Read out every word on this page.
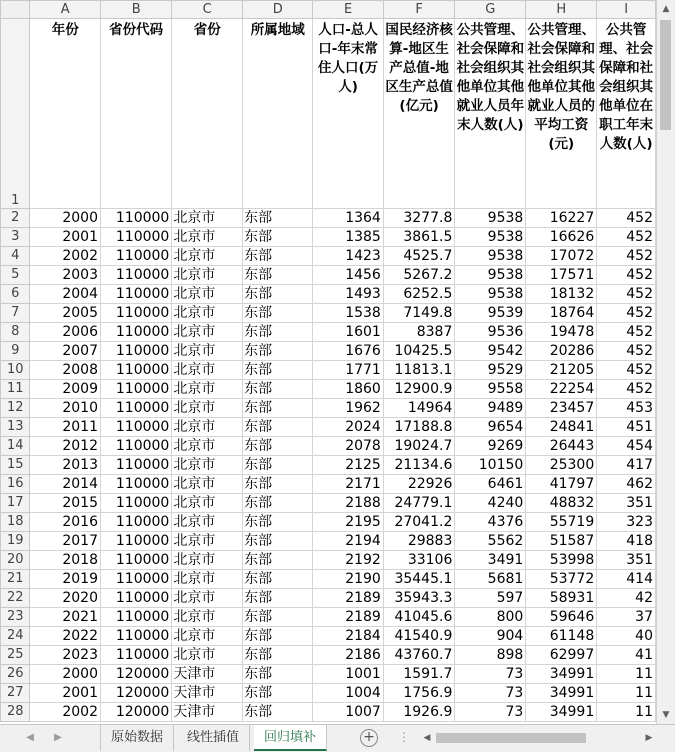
	A	B	C	D	E	F	G	H	I
1	年份	省份代码	省份	所属地域	人口-总人口-年末常住人口(万人)	国民经济核算-地区生产总值-地区生产总值(亿元)	公共管理、社会保障和社会组织其他单位其他就业人员年末人数(人)	公共管理、社会保障和社会组织其他单位其他就业人员的平均工资(元)	公共管理、社会保障和社会组织其他单位在职工年末人数(人)
2	2000	110000	北京市	东部	1364	3277.8	9538	16227	452
3	2001	110000	北京市	东部	1385	3861.5	9538	16626	452
4	2002	110000	北京市	东部	1423	4525.7	9538	17072	452
5	2003	110000	北京市	东部	1456	5267.2	9538	17571	452
6	2004	110000	北京市	东部	1493	6252.5	9538	18132	452
7	2005	110000	北京市	东部	1538	7149.8	9539	18764	452
8	2006	110000	北京市	东部	1601	8387	9536	19478	452
9	2007	110000	北京市	东部	1676	10425.5	9542	20286	452
10	2008	110000	北京市	东部	1771	11813.1	9529	21205	452
11	2009	110000	北京市	东部	1860	12900.9	9558	22254	452
12	2010	110000	北京市	东部	1962	14964	9489	23457	453
13	2011	110000	北京市	东部	2024	17188.8	9654	24841	451
14	2012	110000	北京市	东部	2078	19024.7	9269	26443	454
15	2013	110000	北京市	东部	2125	21134.6	10150	25300	417
16	2014	110000	北京市	东部	2171	22926	6461	41797	462
17	2015	110000	北京市	东部	2188	24779.1	4240	48832	351
18	2016	110000	北京市	东部	2195	27041.2	4376	55719	323
19	2017	110000	北京市	东部	2194	29883	5562	51587	418
20	2018	110000	北京市	东部	2192	33106	3491	53998	351
21	2019	110000	北京市	东部	2190	35445.1	5681	53772	414
22	2020	110000	北京市	东部	2189	35943.3	597	58931	42
23	2021	110000	北京市	东部	2189	41045.6	800	59646	37
24	2022	110000	北京市	东部	2184	41540.9	904	61148	40
25	2023	110000	北京市	东部	2186	43760.7	898	62997	41
26	2000	120000	天津市	东部	1001	1591.7	73	34991	11
27	2001	120000	天津市	东部	1004	1756.9	73	34991	11
28	2002	120000	天津市	东部	1007	1926.9	73	34991	11
▲
▼
◀	▶	原始数据	线性插值	回归填补	+ ⋮	◀	▶
